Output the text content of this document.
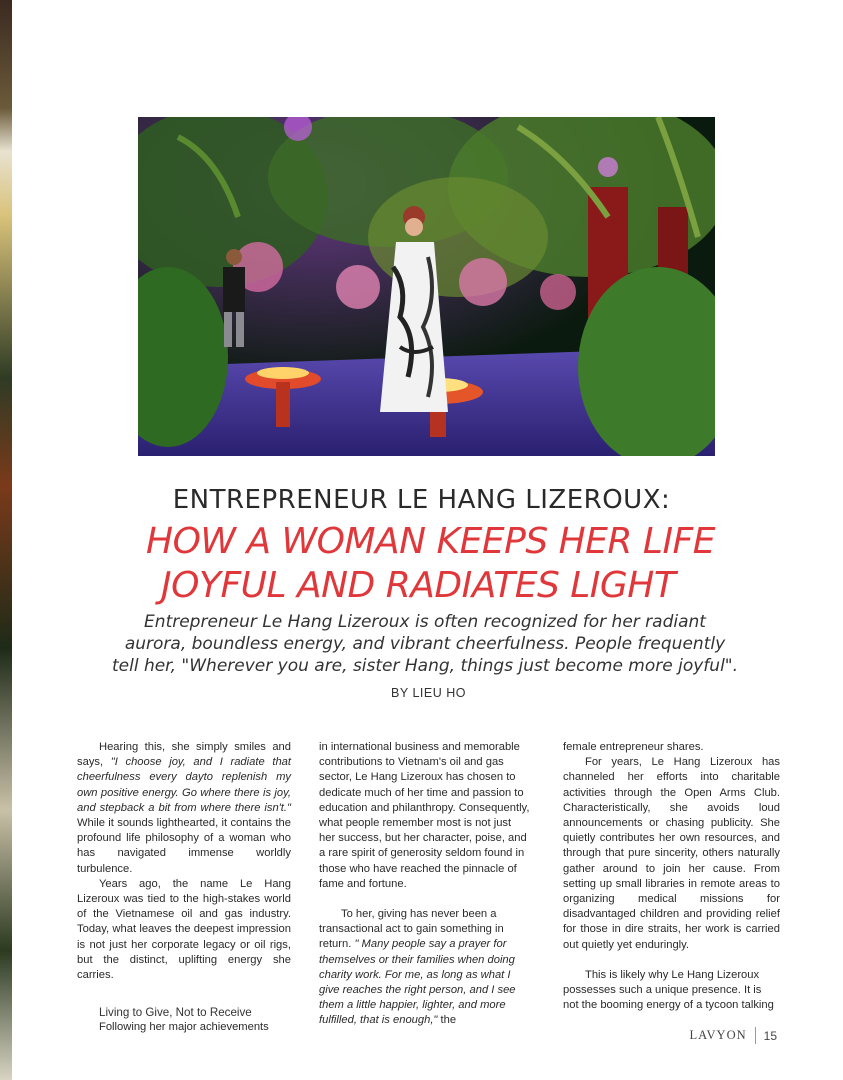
ENTREPRENEUR LE HANG LIZEROUX:
HOW A WOMAN KEEPS HER LIFE
JOYFUL AND RADIATES LIGHT
Entrepreneur Le Hang Lizeroux is often recognized for her radiant
aurora, boundless energy, and vibrant cheerfulness. People frequently
tell her, "Wherever you are, sister Hang, things just become more joyful".
BY LIEU HO

Hearing this, she simply smiles and says, "I choose joy, and I radiate that cheerfulness every dayto replenish my own positive energy. Go where there is joy, and stepback a bit from where there isn't." While it sounds lighthearted, it contains the profound life philosophy of a woman who has navigated immense worldly turbulence.

Years ago, the name Le Hang Lizeroux was tied to the high-stakes world of the Vietnamese oil and gas industry. Today, what leaves the deepest impression is not just her corporate legacy or oil rigs, but the distinct, uplifting energy she carries.

Living to Give, Not to Receive

Following her major achievements

in international business and memorable contributions to Vietnam's oil and gas sector, Le Hang Lizeroux has chosen to dedicate much of her time and passion to education and philanthropy. Consequently, what people remember most is not just her success, but her character, poise, and a rare spirit of generosity seldom found in those who have reached the pinnacle of fame and fortune.

To her, giving has never been a transactional act to gain something in return. " Many people say a prayer for themselves or their families when doing charity work. For me, as long as what I give reaches the right person, and I see them a little happier, lighter, and more fulfilled, that is enough," the

female entrepreneur shares.

For years, Le Hang Lizeroux has channeled her efforts into charitable activities through the Open Arms Club. Characteristically, she avoids loud announcements or chasing publicity. She quietly contributes her own resources, and through that pure sincerity, others naturally gather around to join her cause. From setting up small libraries in remote areas to organizing medical missions for disadvantaged children and providing relief for those in dire straits, her work is carried out quietly yet enduringly.

This is likely why Le Hang Lizeroux possesses such a unique presence. It is not the booming energy of a tycoon talking

LAVYON 15
